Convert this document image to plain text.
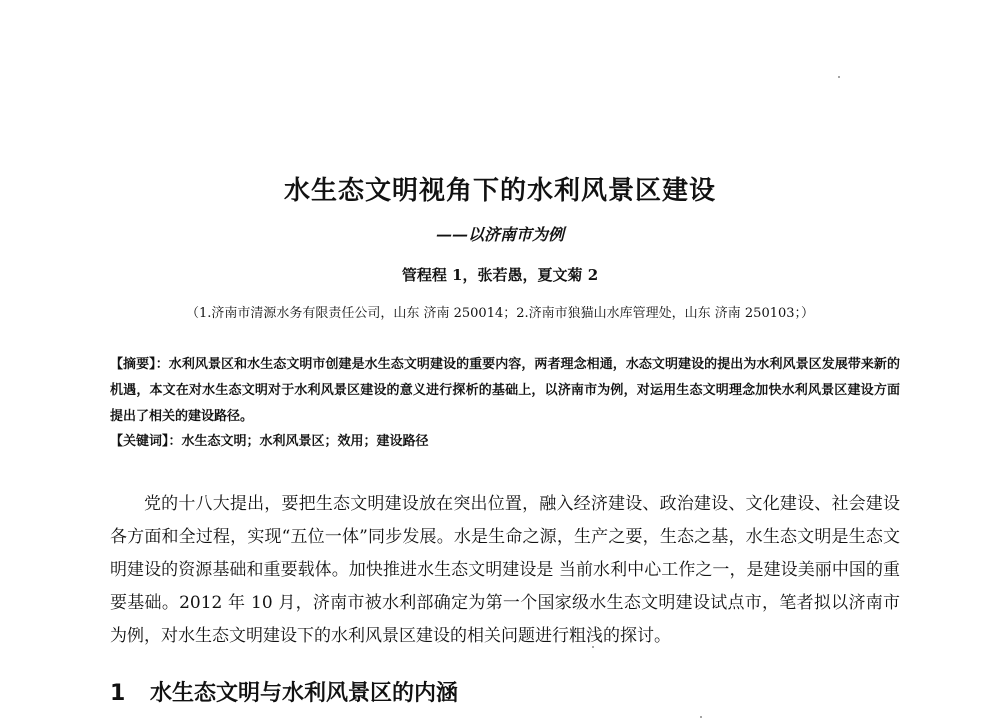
水生态文明视角下的水利风景区建设
——以济南市为例
管程程 1，张若愚，夏文菊 2
（1.济南市清源水务有限责任公司，山东 济南 250014；2.济南市狼猫山水库管理处，山东 济南 250103；）
【摘要】：水利风景区和水生态文明市创建是水生态文明建设的重要内容，两者理念相通，水态文明建设的提出为水利风景区发展带来新的机遇，本文在对水生态文明对于水利风景区建设的意义进行探析的基础上，以济南市为例，对运用生态文明理念加快水利风景区建设方面提出了相关的建设路径。
【关键词】：水生态文明；水利风景区；效用；建设路径
党的十八大提出，要把生态文明建设放在突出位置，融入经济建设、政治建设、文化建设、社会建设各方面和全过程，实现“五位一体”同步发展。水是生命之源，生产之要，生态之基，水生态文明是生态文明建设的资源基础和重要载体。加快推进水生态文明建设是 当前水利中心工作之一，是建设美丽中国的重要基础。2012 年 10 月，济南市被水利部确定为第一个国家级水生态文明建设试点市，笔者拟以济南市为例，对水生态文明建设下的水利风景区建设的相关问题进行粗浅的探讨。
1 水生态文明与水利风景区的内涵
